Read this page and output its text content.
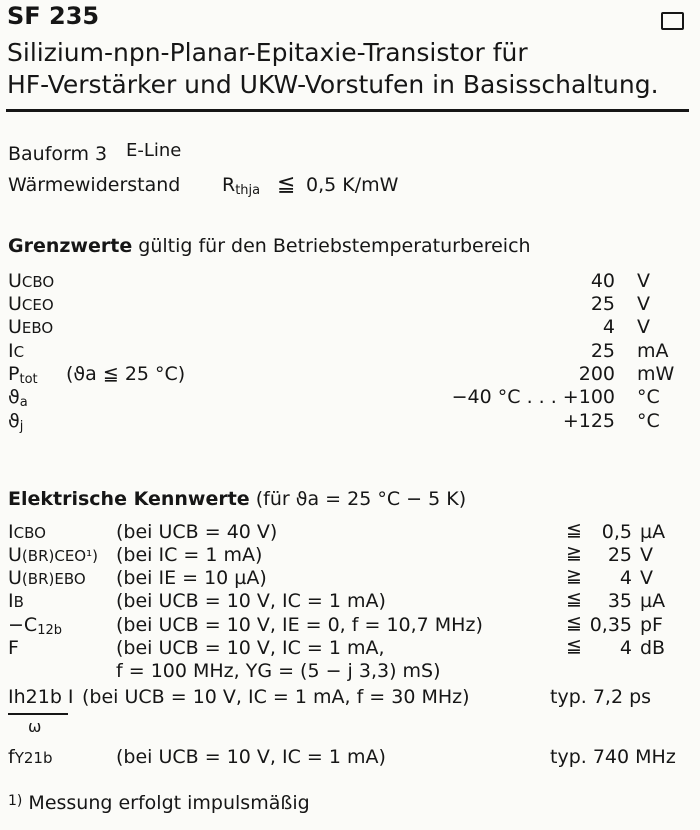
SF 235
Silizium-npn-Planar-Epitaxie-Transistor für
HF-Verstärker und UKW-Vorstufen in Basisschaltung.
Bauform 3 E-Line
Wärmewiderstand $R_{thja}$ ≦ 0,5 K/mW
Grenzwerte gültig für den Betriebstemperaturbereich
UCBO	40 V
UCEO	25 V
UEBO	4 V
IC	25 mA
$P_{tot}$ (ϑa ≦ 25 °C)	200 mW
$ϑ_a$	−40 °C . . . +100 °C
$ϑ_j$	+125 °C
Elektrische Kennwerte (für ϑa = 25 °C − 5 K)
ICBO	(bei UCB = 40 V)	≦	0,5 µA
U(BR)CEO¹) (bei IC = 1 mA)	≧	25 V
U(BR)EBO (bei IE = 10 µA)	≧	4 V
IB	(bei UCB = 10 V, IC = 1 mA)	≦	35 µA
$-C_{12b}$	(bei UCB = 10 V, IE = 0, f = 10,7 MHz)	≦ 0,35 pF
F	(bei UCB = 10 V, IC = 1 mA,	≦	4 dB
f = 100 MHz, YG = (5 − j 3,3) mS)
Ih21b I
ω
(bei UCB = 10 V, IC = 1 mA, f = 30 MHz)	typ. 7,2 ps
fY21b	(bei UCB = 10 V, IC = 1 mA)	typ. 740 MHz
$^{1)}$ Messung erfolgt impulsmäßig
